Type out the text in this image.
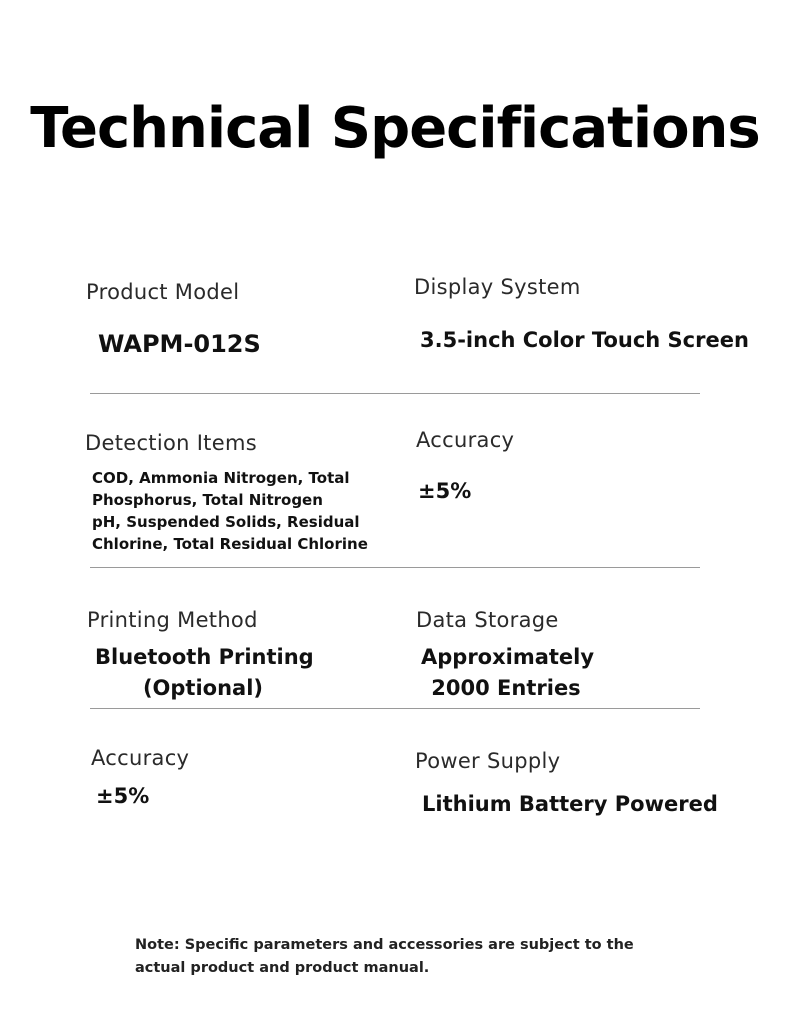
Technical Specifications
Product Model
WAPM-012S
Display System
3.5-inch Color Touch Screen
Detection Items
COD, Ammonia Nitrogen, Total
Phosphorus, Total Nitrogen
pH, Suspended Solids, Residual
Chlorine, Total Residual Chlorine
Accuracy
±5%
Printing Method
Bluetooth Printing
(Optional)
Data Storage
Approximately
2000 Entries
Accuracy
±5%
Power Supply
Lithium Battery Powered
Note: Specific parameters and accessories are subject to the
actual product and product manual.
